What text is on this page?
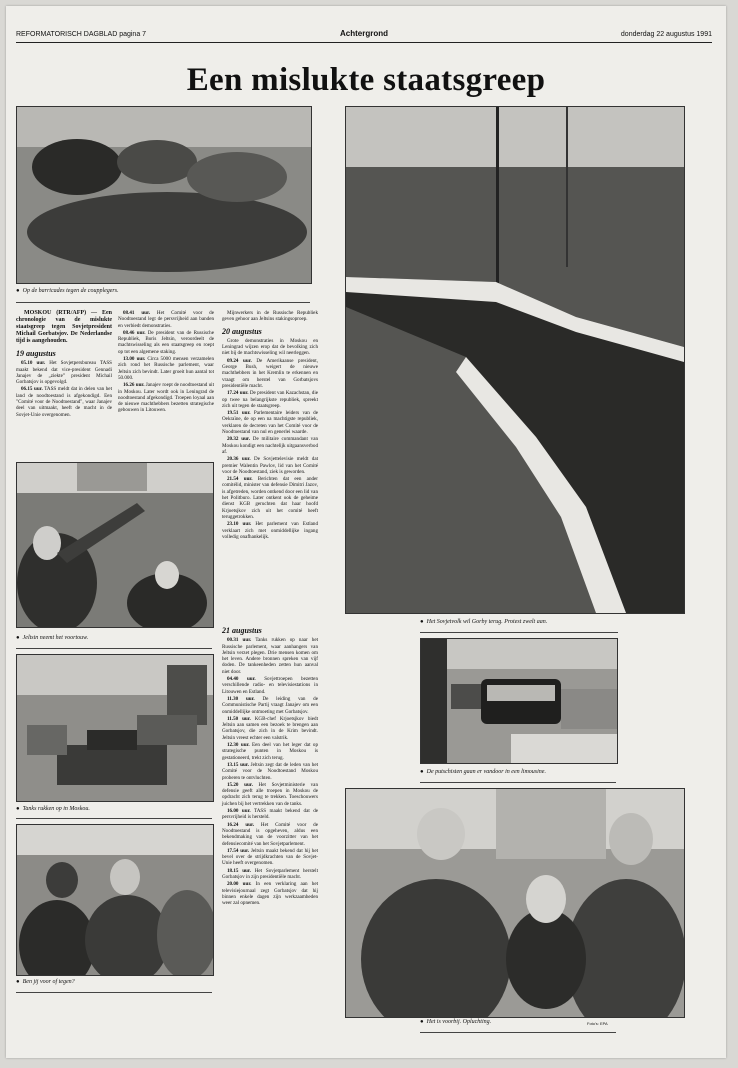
REFORMATORISCH DAGBLAD pagina 7	Achtergrond	donderdag 22 augustus 1991
Een mislukte staatsgreep
● Op de barricades tegen de coupplegers.
● Het Sovjetvolk wil Gorby terug. Protest zwelt aan.

MOSKOU (RTR/AFP) — Een chronologie van de mislukte staatsgreep tegen Sovjetpresident Michail Gorbatsjov. De Nederlandse tijd is aangehouden.

19 augustus

05.10 uur. Het Sovjetpersbureau TASS maakt bekend dat vice-president Gennadi Janajev de „ziekte” president Michail Gorbatsjov is opgevolgd.

06.15 uur. TASS meldt dat in delen van het land de noodtoestand is afgekondigd. Een "Comité voor de Noodtoestand", waar Janajev deel van uitmaakt, heeft de macht in de Sovjet-Unie overgenomen.

08.41 uur. Het Comité voor de Noodtoestand legt de persvrijheid aan banden en verbiedt demonstraties.

08.46 uur. De president van de Russische Republiek, Boris Jeltsin, veroordeelt de machtswisseling als een staatsgreep en roept op tot een algemene staking.

13.00 uur. Circa 5000 mensen verzamelen zich rond het Russische parlement, waar Jeltsin zich bevindt. Later groeit hun aantal tot 50.000.

16.26 uur. Janajev roept de noodtoestand uit in Moskou. Later wordt ook in Leningrad de noodtoestand afgekondigd. Troepen loyaal aan de nieuwe machthebbers bezetten strategische gebouwen in Litouwen.

Mijnwerkers in de Russische Republiek geven gehoor aan Jeltsins stakingsoproep.

20 augustus

Grote demonstraties in Moskou en Leningrad wijzen erop dat de bevolking zich niet bij de machtswisseling wil neerleggen.

09.24 uur. De Amerikaanse president, George Bush, weigert de nieuwe machthebbers in het Kremlin te erkennen en vraagt om herstel van Gorbatsjovs presidentiële macht.

17.24 uur. De president van Kazachstan, die op twee na belangrijkste republiek, spreekt zich uit tegen de staatsgreep.

19.51 uur. Parlementaire leiders van de Oekraïne, de op een na machtigste republiek, verklaren de decreten van het Comité voor de Noodtoestand van nul en generlei waarde.

20.32 uur. De militaire commandant van Moskou kondigt een nachtelijk uitgaansverbod af.

20.36 uur. De Sovjettelevisie meldt dat premier Walentin Pawlov, lid van het Comité voor de Noodtoestand, ziek is geworden.

21.54 uur. Berichten dat een ander comitélid, minister van defensie Dimitri Jazov, is afgetreden, worden ontkend door een lid van het Politburo. Later ontkent ook de geheime dienst KGB geruchten dat haar hoofd Krjoetsjkov zich uit het comité heeft teruggetrokken.

23.10 uur. Het parlement van Estland verklaart zich met onmiddellijke ingang volledig onafhankelijk.

● Jeltsin neemt het voortouw.
● Tanks rukken op in Moskou.
● Ben jij voor of tegen?
21 augustus

00.31 uur. Tanks rukken op naar het Russische parlement, waar aanhangers van Jeltsin verzet plegen. Drie mensen komen om het leven. Andere bronnen spreken van vijf doden. De tankeenheden zetten hun aanval niet door.

04.40 uur. Sovjettroepen bezetten verschillende radio- en televisiestations in Litouwen en Estland.

11.30 uur. De leiding van de Communistische Partij vraagt Janajev om een onmiddellijke ontmoeting met Gorbatsjov.

11.50 uur. KGB-chef Krjoetsjkov biedt Jeltsin aan samen een bezoek te brengen aan Gorbatsjov, die zich in de Krim bevindt. Jeltsin vreest echter een valstrik.

12.30 uur. Een deel van het leger dat op strategische punten in Moskou is gestationeerd, trekt zich terug.

13.15 uur. Jeltsin zegt dat de leden van het Comité voor de Noodtoestand Moskou proberen te ontvluchten.

15.20 uur. Het Sovjetministerie van defensie geeft alle troepen in Moskou de opdracht zich terug te trekken. Toeschouwers juichen bij het vertrekken van de tanks.

16.00 uur. TASS maakt bekend dat de persvrijheid is hersteld.

16.24 uur. Het Comité voor de Noodtoestand is opgeheven, aldus een bekendmaking van de voorzitter van het defensiecomité van het Sovjetparlement.

17.54 uur. Jeltsin maakt bekend dat hij het bevel over de strijdkrachten van de Sovjet-Unie heeft overgenomen.

18.15 uur. Het Sovjetparlement herstelt Gorbatsjov in zijn presidentiële macht.

20.00 uur. In een verklaring aan het televisiejournaal zegt Gorbatsjov dat hij binnen enkele dagen zijn werkzaamheden weer zal opnemen.

● De putschisten gaan er vandoor in een limousine.
● Het is voorbij. Opluchting.	Foto's: EPA
